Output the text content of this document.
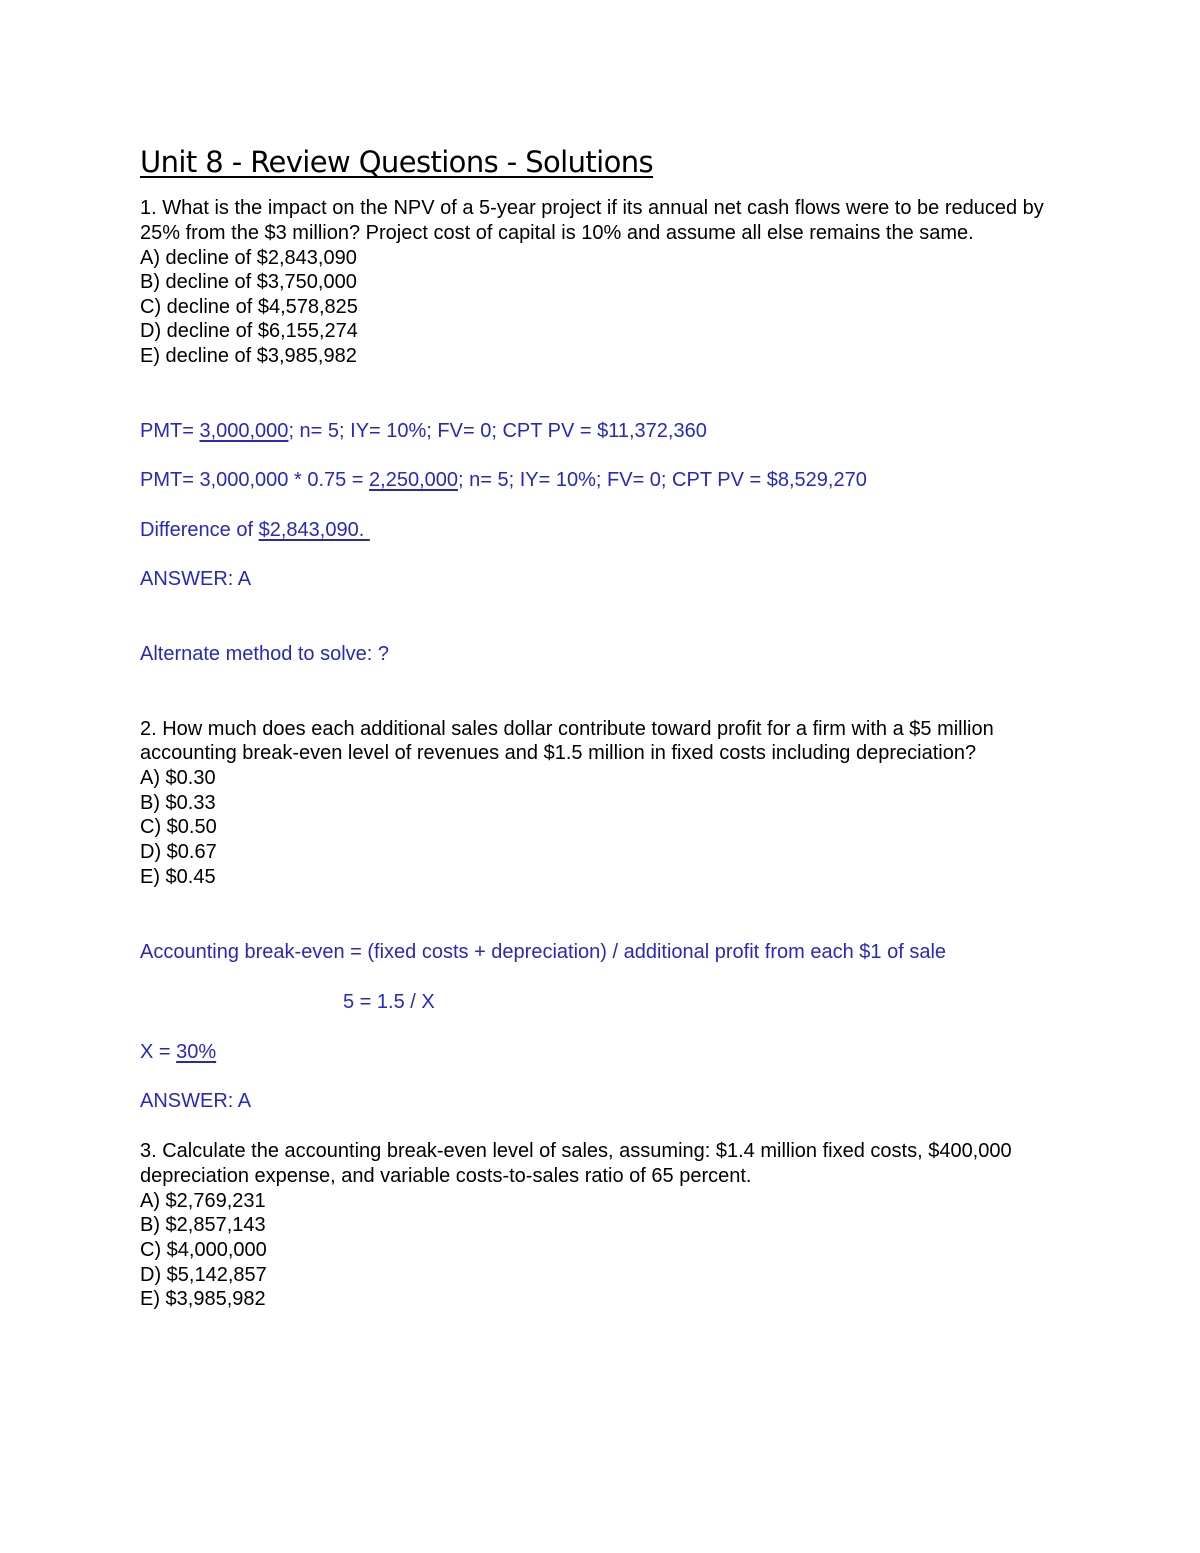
Unit 8 - Review Questions - Solutions

1. What is the impact on the NPV of a 5-year project if its annual net cash flows were to be reduced by 25% from the $3 million? Project cost of capital is 10% and assume all else remains the same.

A) decline of $2,843,090
B) decline of $3,750,000
C) decline of $4,578,825
D) decline of $6,155,274
E) decline of $3,985,982

PMT= 3,000,000; n= 5; IY= 10%; FV= 0; CPT PV = $11,372,360

PMT= 3,000,000 * 0.75 = 2,250,000; n= 5; IY= 10%; FV= 0; CPT PV = $8,529,270

Difference of $2,843,090.

ANSWER: A

Alternate method to solve: ?

2. How much does each additional sales dollar contribute toward profit for a firm with a $5 million accounting break-even level of revenues and $1.5 million in fixed costs including depreciation?

A) $0.30
B) $0.33
C) $0.50
D) $0.67
E) $0.45

Accounting break-even = (fixed costs + depreciation) / additional profit from each $1 of sale

5 = 1.5 / X

X = 30%

ANSWER: A

3. Calculate the accounting break-even level of sales, assuming: $1.4 million fixed costs, $400,000 depreciation expense, and variable costs-to-sales ratio of 65 percent.

A) $2,769,231
B) $2,857,143
C) $4,000,000
D) $5,142,857
E) $3,985,982
